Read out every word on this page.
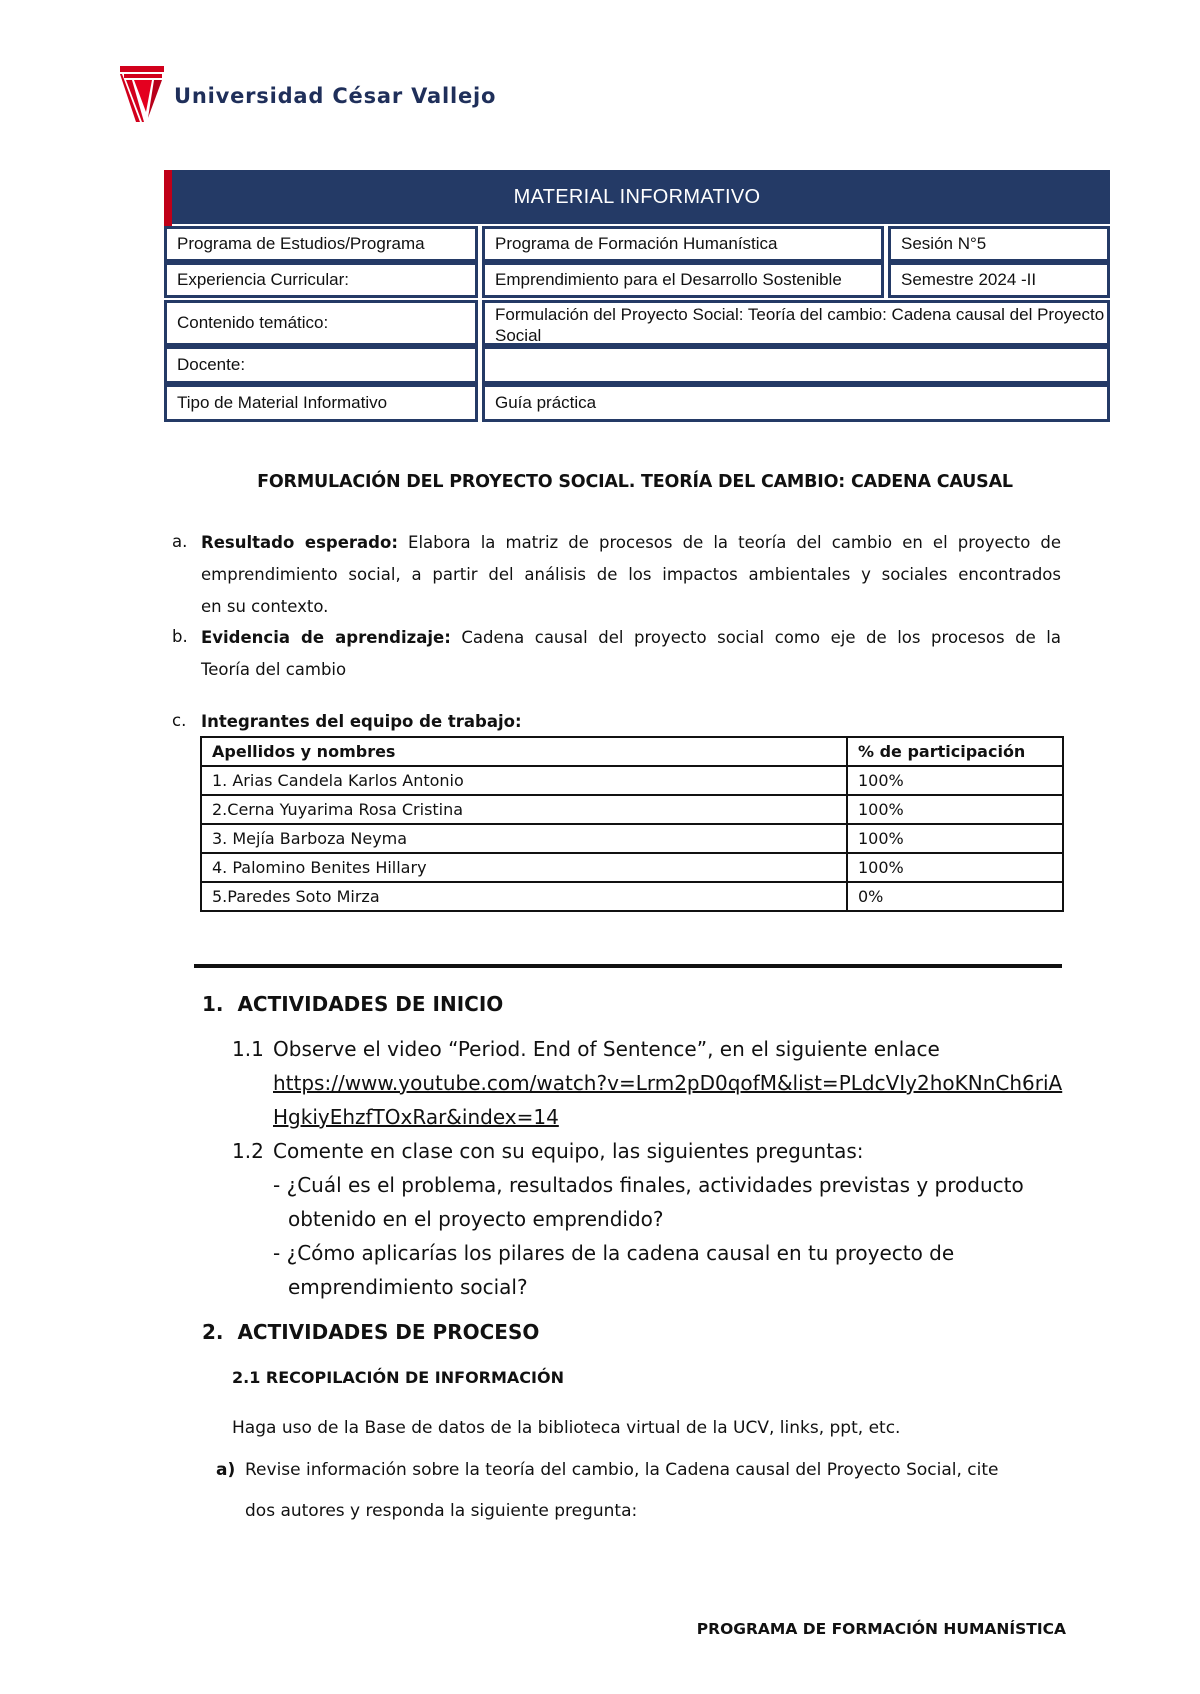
Universidad César Vallejo
MATERIAL INFORMATIVO
Programa de Estudios/Programa	Programa de Formación Humanística	Sesión N°5
Experiencia Curricular:	Emprendimiento para el Desarrollo Sostenible	Semestre 2024 -II
Contenido temático:	Formulación del Proyecto Social: Teoría del cambio: Cadena causal del Proyecto Social
Docente:
Tipo de Material Informativo	Guía práctica
FORMULACIÓN DEL PROYECTO SOCIAL. TEORÍA DEL CAMBIO: CADENA CAUSAL
a. Resultado esperado: Elabora la matriz de procesos de la teoría del cambio en el proyecto de
emprendimiento social, a partir del análisis de los impactos ambientales y sociales encontrados
en su contexto.
b. Evidencia de aprendizaje: Cadena causal del proyecto social como eje de los procesos de la
Teoría del cambio
c. Integrantes del equipo de trabajo:
Apellidos y nombres	% de participación
1. Arias Candela Karlos Antonio	100%
2.Cerna Yuyarima Rosa Cristina	100%
3. Mejía Barboza Neyma	100%
4. Palomino Benites Hillary	100%
5.Paredes Soto Mirza	0%
1.  ACTIVIDADES DE INICIO
1.1 Observe el video “Period. End of Sentence”, en el siguiente enlace
https://www.youtube.com/watch?v=Lrm2pD0qofM&list=PLdcVIy2hoKNnCh6riA
HgkiyEhzfTOxRar&index=14
1.2 Comente en clase con su equipo, las siguientes preguntas:
- ¿Cuál es el problema, resultados finales, actividades previstas y producto
obtenido en el proyecto emprendido?
- ¿Cómo aplicarías los pilares de la cadena causal en tu proyecto de
emprendimiento social?
2.  ACTIVIDADES DE PROCESO
2.1 RECOPILACIÓN DE INFORMACIÓN
Haga uso de la Base de datos de la biblioteca virtual de la UCV, links, ppt, etc.
a) Revise información sobre la teoría del cambio, la Cadena causal del Proyecto Social, cite
dos autores y responda la siguiente pregunta:
PROGRAMA DE FORMACIÓN HUMANÍSTICA
